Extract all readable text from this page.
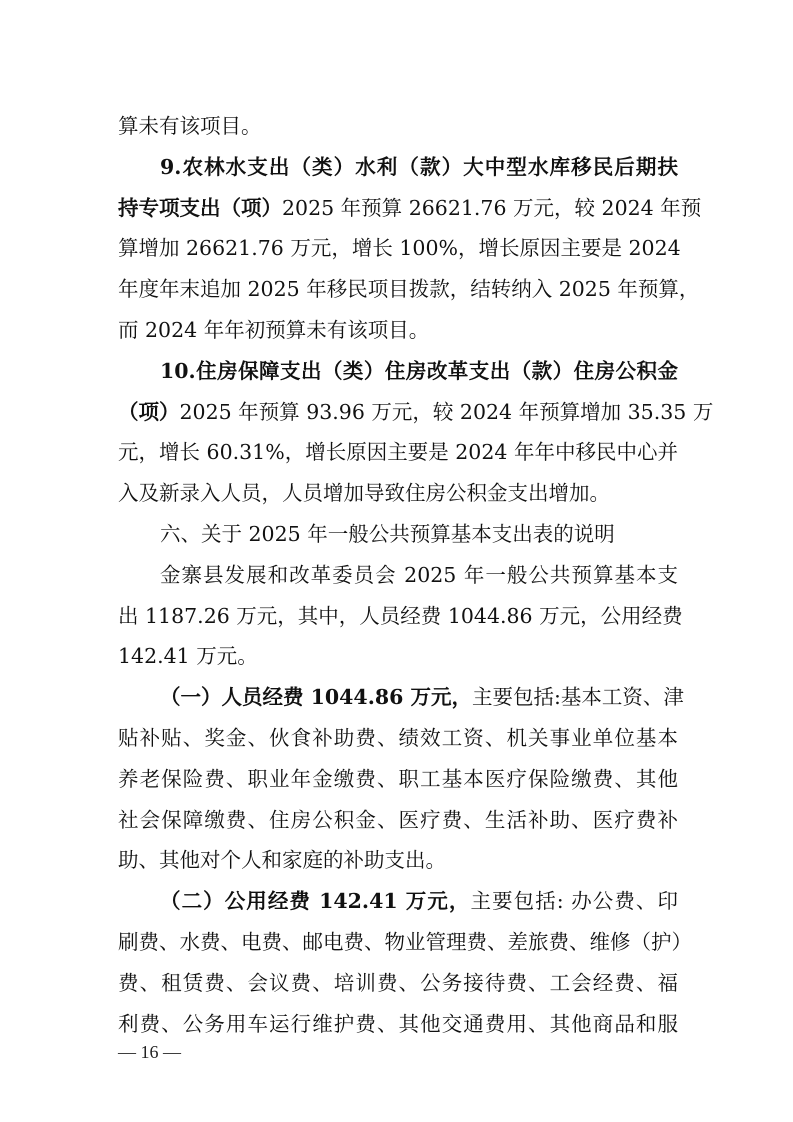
算未有该项目。
9.农林水支出（类）水利（款）大中型水库移民后期扶
持专项支出（项）2025 年预算 26621.76 万元，较 2024 年预
算增加 26621.76 万元，增长 100%，增长原因主要是 2024
年度年末追加 2025 年移民项目拨款，结转纳入 2025 年预算，
而 2024 年年初预算未有该项目。
10.住房保障支出（类）住房改革支出（款）住房公积金
（项）2025 年预算 93.96 万元，较 2024 年预算增加 35.35 万
元，增长 60.31%，增长原因主要是 2024 年年中移民中心并
入及新录入人员，人员增加导致住房公积金支出增加。
六、关于 2025 年一般公共预算基本支出表的说明
金寨县发展和改革委员会 2025 年一般公共预算基本支
出 1187.26 万元，其中，人员经费 1044.86 万元，公用经费
142.41 万元。
（一）人员经费 1044.86 万元，主要包括:基本工资、津
贴补贴、奖金、伙食补助费、绩效工资、机关事业单位基本
养老保险费、职业年金缴费、职工基本医疗保险缴费、其他
社会保障缴费、住房公积金、医疗费、生活补助、医疗费补
助、其他对个人和家庭的补助支出。
（二）公用经费 142.41 万元，主要包括: 办公费、印
刷费、水费、电费、邮电费、物业管理费、差旅费、维修（护）
费、租赁费、会议费、培训费、公务接待费、工会经费、福
利费、公务用车运行维护费、其他交通费用、其他商品和服
— 16 —
